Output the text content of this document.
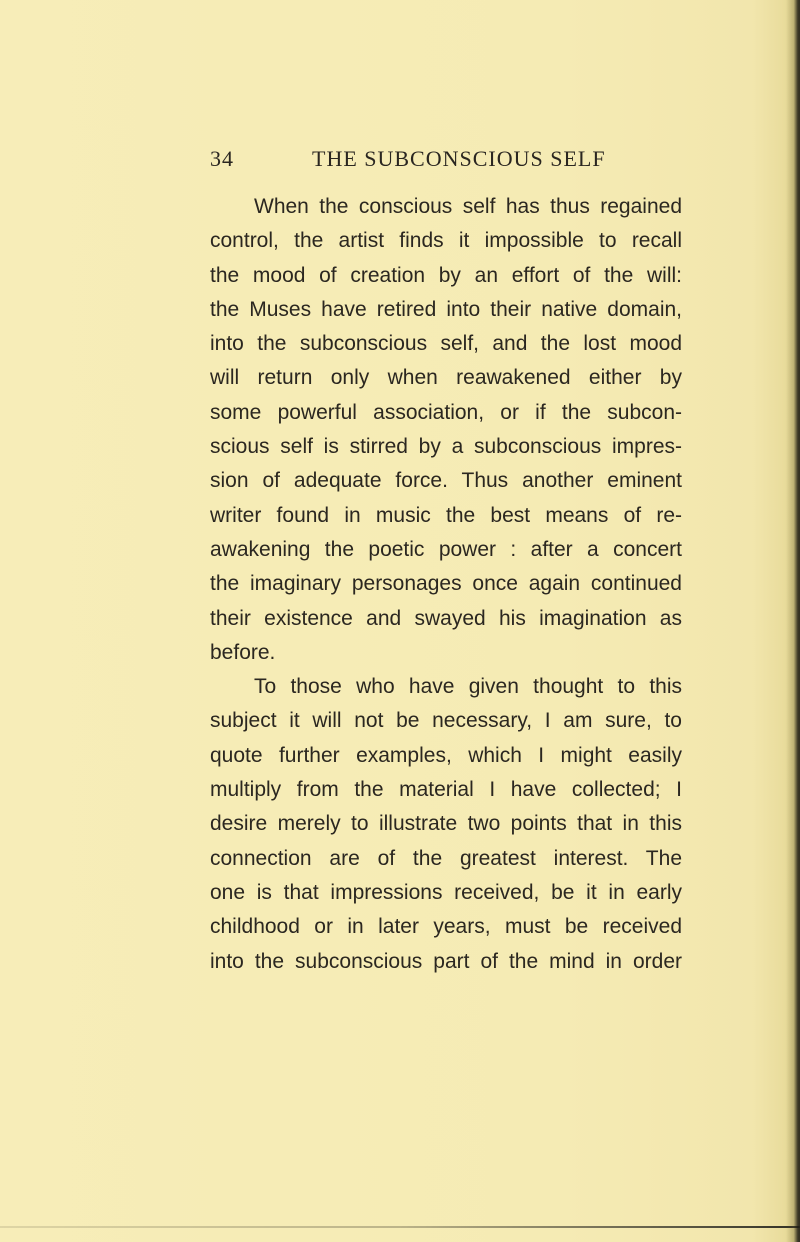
34	THE SUBCONSCIOUS SELF
When the conscious self has thus regained
control, the artist finds it impossible to recall
the mood of creation by an effort of the will:
the Muses have retired into their native domain,
into the subconscious self, and the lost mood
will return only when reawakened either by
some powerful association, or if the subcon-
scious self is stirred by a subconscious impres-
sion of adequate force. Thus another eminent
writer found in music the best means of re-
awakening the poetic power : after a concert
the imaginary personages once again continued
their existence and swayed his imagination as
before.
To those who have given thought to this
subject it will not be necessary, I am sure, to
quote further examples, which I might easily
multiply from the material I have collected; I
desire merely to illustrate two points that in this
connection are of the greatest interest. The
one is that impressions received, be it in early
childhood or in later years, must be received
into the subconscious part of the mind in order
